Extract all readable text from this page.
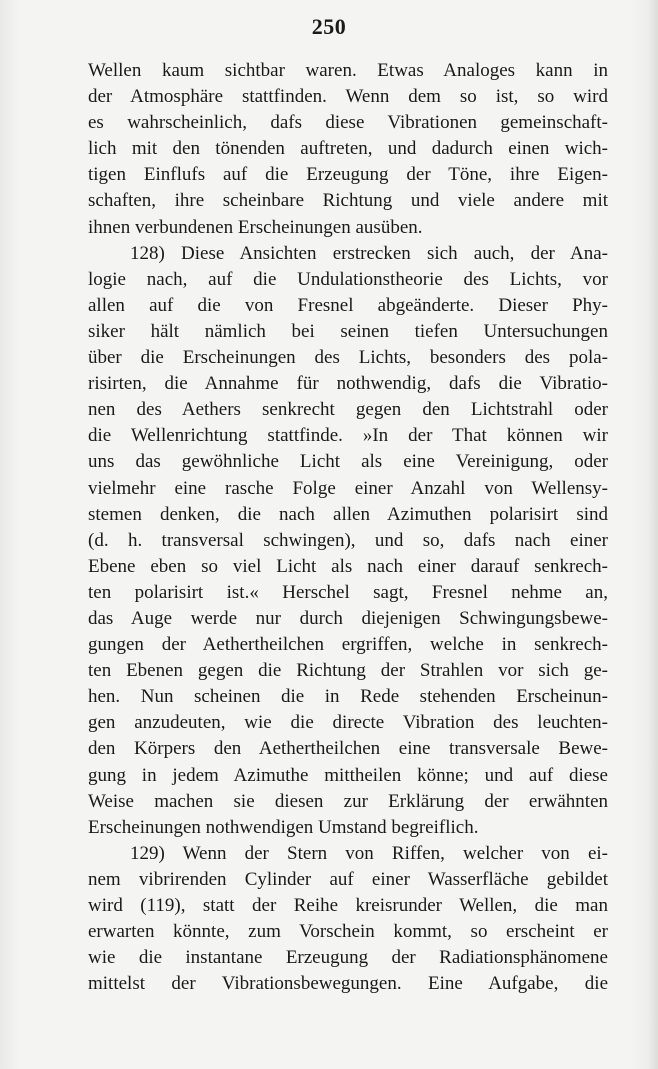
250
Wellen kaum sichtbar waren. Etwas Analoges kann in
der Atmosphäre stattfinden. Wenn dem so ist, so wird
es wahrscheinlich, dafs diese Vibrationen gemeinschaft-
lich mit den tönenden auftreten, und dadurch einen wich-
tigen Einflufs auf die Erzeugung der Töne, ihre Eigen-
schaften, ihre scheinbare Richtung und viele andere mit
ihnen verbundenen Erscheinungen ausüben.
128) Diese Ansichten erstrecken sich auch, der Ana-
logie nach, auf die Undulationstheorie des Lichts, vor
allen auf die von Fresnel abgeänderte. Dieser Phy-
siker hält nämlich bei seinen tiefen Untersuchungen
über die Erscheinungen des Lichts, besonders des pola-
risirten, die Annahme für nothwendig, dafs die Vibratio-
nen des Aethers senkrecht gegen den Lichtstrahl oder
die Wellenrichtung stattfinde. »In der That können wir
uns das gewöhnliche Licht als eine Vereinigung, oder
vielmehr eine rasche Folge einer Anzahl von Wellensy-
stemen denken, die nach allen Azimuthen polarisirt sind
(d. h. transversal schwingen), und so, dafs nach einer
Ebene eben so viel Licht als nach einer darauf senkrech-
ten polarisirt ist.« Herschel sagt, Fresnel nehme an,
das Auge werde nur durch diejenigen Schwingungsbewe-
gungen der Aethertheilchen ergriffen, welche in senkrech-
ten Ebenen gegen die Richtung der Strahlen vor sich ge-
hen. Nun scheinen die in Rede stehenden Erscheinun-
gen anzudeuten, wie die directe Vibration des leuchten-
den Körpers den Aethertheilchen eine transversale Bewe-
gung in jedem Azimuthe mittheilen könne; und auf diese
Weise machen sie diesen zur Erklärung der erwähnten
Erscheinungen nothwendigen Umstand begreiflich.
129) Wenn der Stern von Riffen, welcher von ei-
nem vibrirenden Cylinder auf einer Wasserfläche gebildet
wird (119), statt der Reihe kreisrunder Wellen, die man
erwarten könnte, zum Vorschein kommt, so erscheint er
wie die instantane Erzeugung der Radiationsphänomene
mittelst der Vibrationsbewegungen. Eine Aufgabe, die
